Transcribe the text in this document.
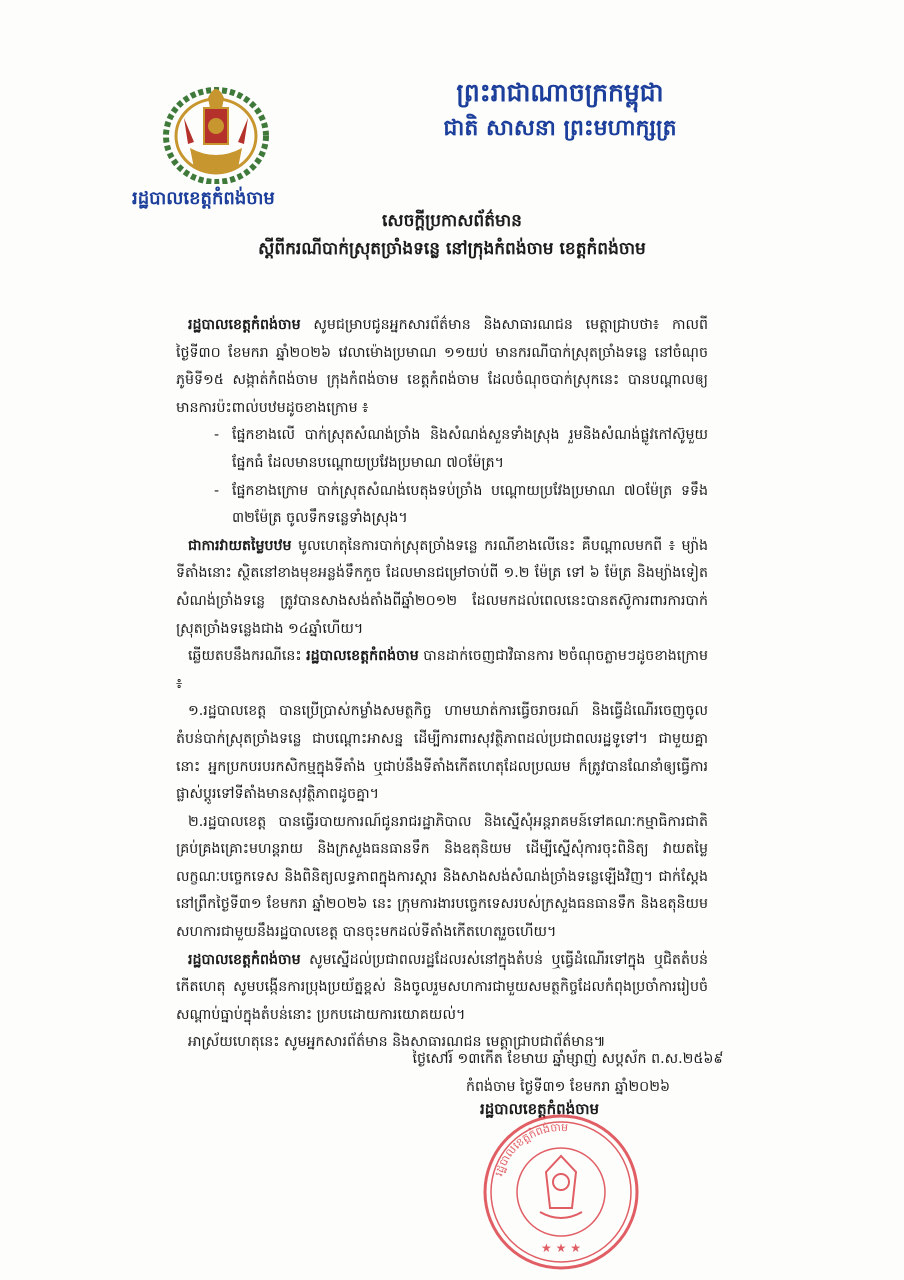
ព្រះរាជាណាចក្រកម្ពុជា
ជាតិ សាសនា ព្រះមហាក្សត្រ
រដ្ឋបាលខេត្តកំពង់ចាម
សេចក្តីប្រកាសព័ត៌មាន
ស្តីពីករណីបាក់ស្រុតច្រាំងទន្លេ នៅក្រុងកំពង់ចាម ខេត្តកំពង់ចាម

រដ្ឋបាលខេត្តកំពង់ចាម សូមជម្រាបជូនអ្នកសារព័ត៌មាន និងសាធារណជន មេត្តាជ្រាបថា៖ កាលពីថ្ងៃទី៣០ ខែមករា ឆ្នាំ២០២៦ វេលាម៉ោងប្រមាណ ១១យប់ មានករណីបាក់ស្រុតច្រាំងទន្លេ នៅចំណុចភូមិទី១៥ សង្កាត់កំពង់ចាម ក្រុងកំពង់ចាម ខេត្តកំពង់ចាម ដែលចំណុចបាក់ស្រុកនេះ បានបណ្តាលឲ្យមានការប៉ះពាល់បឋមដូចខាងក្រោម ៖

- ផ្នែកខាងលើ បាក់ស្រុតសំណង់ច្រាំង និងសំណង់សួនទាំងស្រុង រួមនិងសំណង់ផ្លូវកៅស៊ូមួយផ្នែកធំ ដែលមានបណ្តោយប្រវែងប្រមាណ ៧០ម៉ែត្រ។

- ផ្នែកខាងក្រោម បាក់ស្រុតសំណង់បេតុងទប់ច្រាំង បណ្តោយប្រវែងប្រមាណ ៧០ម៉ែត្រ ទទឹង ៣២ម៉ែត្រ ចូលទឹកទន្លេទាំងស្រុង។

ជាការវាយតម្លៃបឋម មូលហេតុនៃការបាក់ស្រុតច្រាំងទន្លេ ករណីខាងលើនេះ គឺបណ្តាលមកពី ៖ ម្យ៉ាងទីតាំងនោះ ស្ថិតនៅខាងមុខអន្លង់ទឹកកួច ដែលមានជម្រៅចាប់ពី ១.២ ម៉ែត្រ ទៅ ៦ ម៉ែត្រ និងម្យ៉ាងទៀត សំណង់ច្រាំងទន្លេ ត្រូវបានសាងសង់តាំងពីឆ្នាំ២០១២ ដែលមកដល់ពេលនេះបានតស៊ូការពារការបាក់ស្រុតច្រាំងទន្លេងជាង ១៤ឆ្នាំហើយ។

ឆ្លើយតបនឹងករណីនេះ រដ្ឋបាលខេត្តកំពង់ចាម បានដាក់ចេញជាវិធានការ ២ចំណុចភ្លាមៗដូចខាងក្រោម ៖

១.រដ្ឋបាលខេត្ត បានប្រើប្រាស់កម្លាំងសមត្ថកិច្ច ហាមឃាត់ការធ្វើចរាចរណ៍ និងធ្វើដំណើរចេញចូលតំបន់បាក់ស្រុតច្រាំងទន្លេ ជាបណ្តោះអាសន្ន ដើម្បីការពារសុវត្ថិភាពដល់ប្រជាពលរដ្ឋទូទៅ។ ជាមួយគ្នានោះ អ្នកប្រកបរបរកសិកម្មក្នុងទីតាំង ឬជាប់នឹងទីតាំងកើតហេតុដែលប្រឈម ក៏ត្រូវបានណែនាំឲ្យធ្វើការផ្លាស់ប្តូរទៅទីតាំងមានសុវត្ថិភាពដូចគ្នា។

២.រដ្ឋបាលខេត្ត បានធ្វើរបាយការណ៍ជូនរាជរដ្ឋាភិបាល និងស្នើសុំអន្តរាគមន៍ទៅគណៈកម្មាធិការជាតិគ្រប់គ្រងគ្រោះមហន្តរាយ និងក្រសួងធនធានទឹក និងឧតុនិយម ដើម្បីស្នើសុំការចុះពិនិត្យ វាយតម្លៃលក្ខណៈបច្ចេកទេស និងពិនិត្យលទ្ធភាពក្នុងការស្តារ និងសាងសង់សំណង់ច្រាំងទន្លេឡើងវិញ។ ជាក់ស្តែង នៅព្រឹកថ្ងៃទី៣១ ខែមករា ឆ្នាំ២០២៦ នេះ ក្រុមការងារបច្ចេកទេសរបស់ក្រសួងធនធានទឹក និងឧតុនិយម សហការជាមួយនឹងរដ្ឋបាលខេត្ត បានចុះមកដល់ទីតាំងកើតហេតុរួចហើយ។

រដ្ឋបាលខេត្តកំពង់ចាម សូមស្នើដល់ប្រជាពលរដ្ឋដែលរស់នៅក្នុងតំបន់ ឬធ្វើដំណើរទៅក្នុង ឬជិតតំបន់កើតហេតុ សូមបង្កើនការប្រុងប្រយ័ត្នខ្ពស់ និងចូលរួមសហការជាមួយសមត្ថកិច្ចដែលកំពុងប្រចាំការរៀបចំសណ្តាប់ធ្នាប់ក្នុងតំបន់នោះ ប្រកបដោយការយោគយល់។

អាស្រ័យហេតុនេះ សូមអ្នកសារព័ត៌មាន និងសាធារណជន មេត្តាជ្រាបជាព័ត៌មាន៕

ថ្ងៃសៅរ៍ ១៣កើត ខែមាឃ ឆ្នាំម្សាញ់ សប្តស័ក ព.ស.២៥៦៩
កំពង់ចាម ថ្ងៃទី៣១ ខែមករា ឆ្នាំ២០២៦
រដ្ឋបាលខេត្តកំពង់ចាម
រដ្ឋបាលខេត្តកំពង់ចាម
★ ★ ★
